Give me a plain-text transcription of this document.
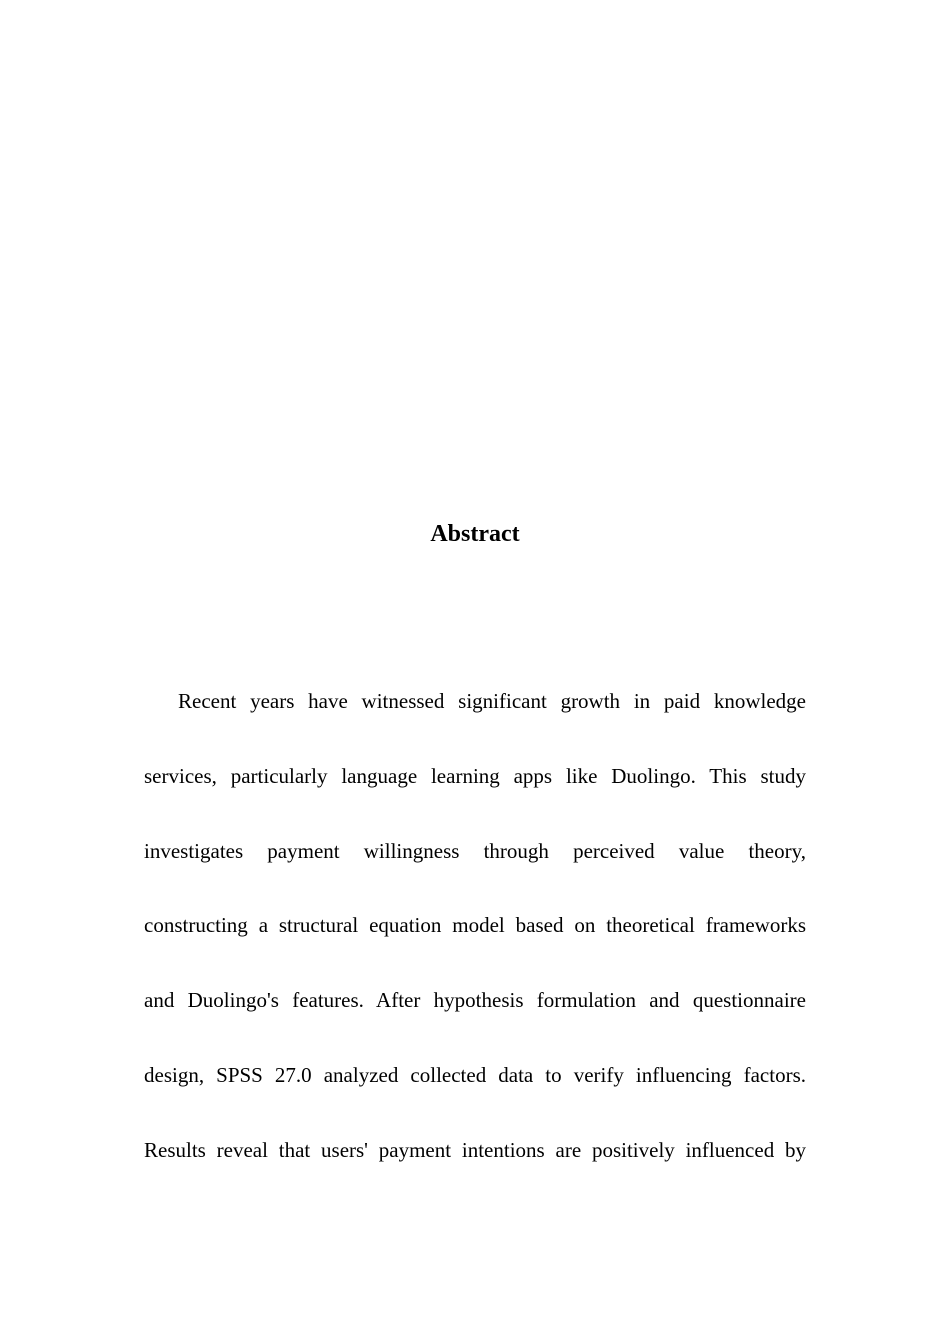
Abstract
Recent years have witnessed significant growth in paid knowledge
services, particularly language learning apps like Duolingo. This study
investigates payment willingness through perceived value theory,
constructing a structural equation model based on theoretical frameworks
and Duolingo's features. After hypothesis formulation and questionnaire
design, SPSS 27.0 analyzed collected data to verify influencing factors.
Results reveal that users' payment intentions are positively influenced by
